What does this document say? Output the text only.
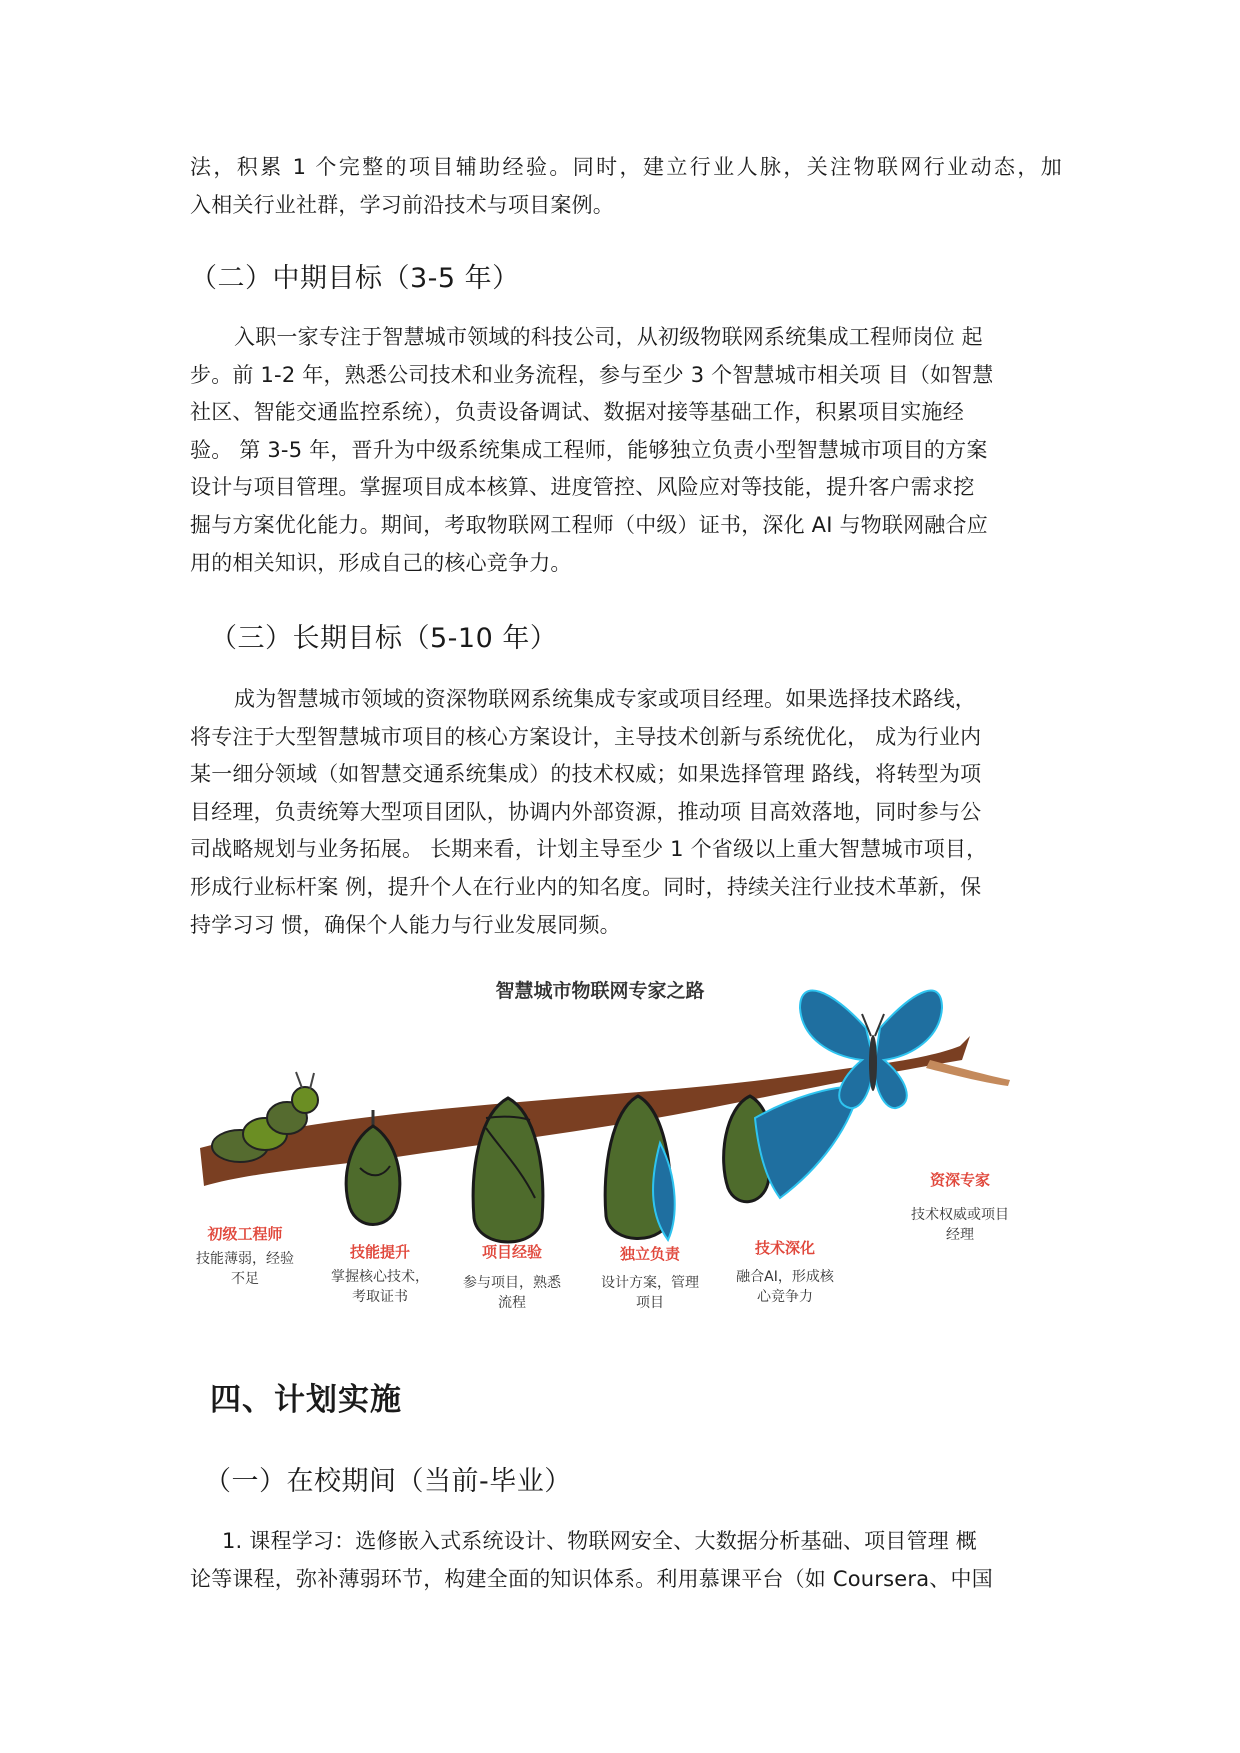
法，积累 1 个完整的项目辅助经验。同时，建立行业人脉，关注物联网行业动态，加
入相关行业社群，学习前沿技术与项目案例。
（二）中期目标（3-5 年）
入职一家专注于智慧城市领域的科技公司，从初级物联网系统集成工程师岗位 起
步。前 1-2 年，熟悉公司技术和业务流程，参与至少 3 个智慧城市相关项 目（如智慧
社区、智能交通监控系统），负责设备调试、数据对接等基础工作，积累项目实施经
验。 第 3-5 年，晋升为中级系统集成工程师，能够独立负责小型智慧城市项目的方案
设计与项目管理。掌握项目成本核算、进度管控、风险应对等技能，提升客户需求挖
掘与方案优化能力。期间，考取物联网工程师（中级）证书，深化 AI 与物联网融合应
用的相关知识，形成自己的核心竞争力。
（三）长期目标（5-10 年）
成为智慧城市领域的资深物联网系统集成专家或项目经理。如果选择技术路线，
将专注于大型智慧城市项目的核心方案设计，主导技术创新与系统优化， 成为行业内
某一细分领域（如智慧交通系统集成）的技术权威；如果选择管理 路线，将转型为项
目经理，负责统筹大型项目团队，协调内外部资源，推动项 目高效落地，同时参与公
司战略规划与业务拓展。 长期来看，计划主导至少 1 个省级以上重大智慧城市项目，
形成行业标杆案 例，提升个人在行业内的知名度。同时，持续关注行业技术革新，保
持学习习 惯，确保个人能力与行业发展同频。
智慧城市物联网专家之路
初级工程师
技能薄弱，经验
不足
技能提升
掌握核心技术，
考取证书
项目经验
参与项目，熟悉
流程
独立负责
设计方案，管理
项目
技术深化
融合AI，形成核
心竞争力
资深专家
技术权威或项目
经理
四、计划实施
（一）在校期间（当前-毕业）
1. 课程学习：选修嵌入式系统设计、物联网安全、大数据分析基础、项目管理 概
论等课程，弥补薄弱环节，构建全面的知识体系。利用慕课平台（如 Coursera、中国
